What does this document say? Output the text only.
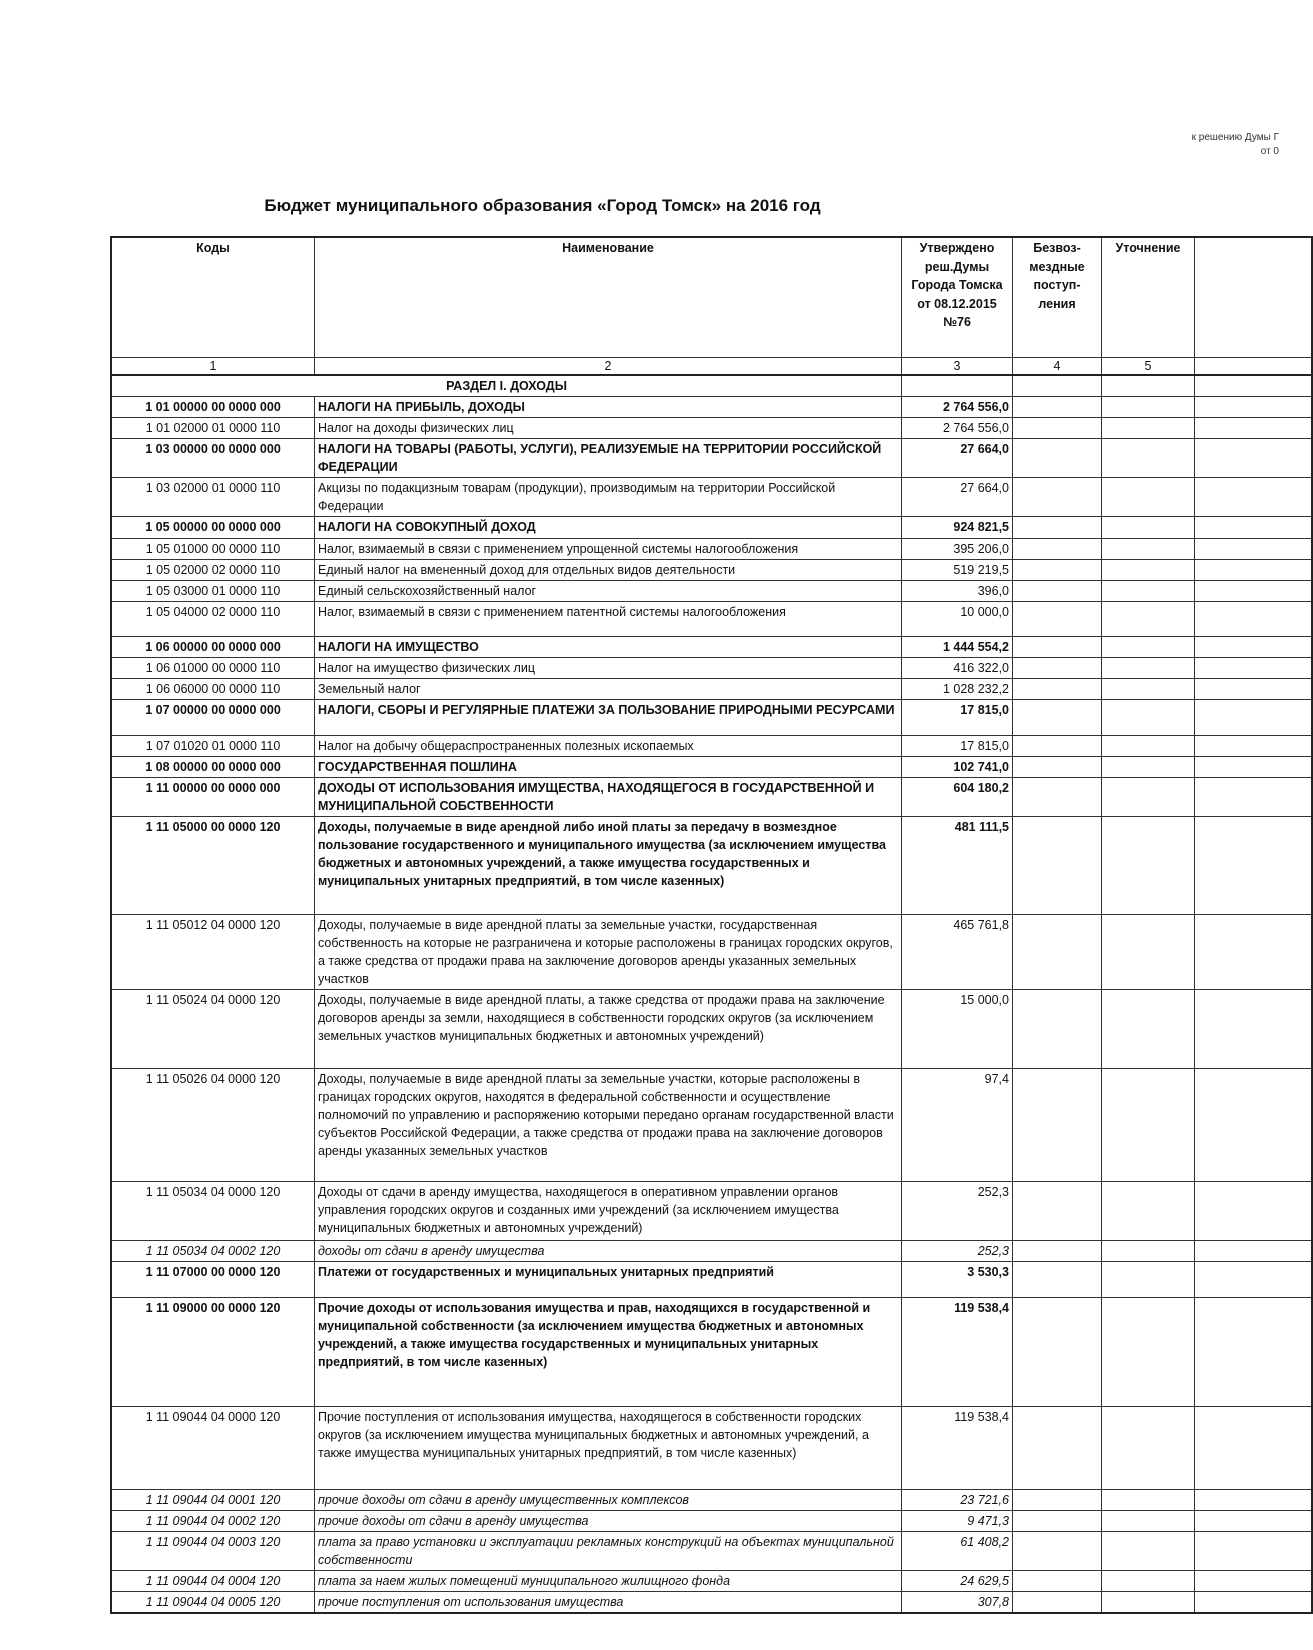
к решению Думы Г
от 0
Бюджет муниципального образования «Город Томск» на 2016 год
Коды	Наименование	Утверждено реш.Думы Города Томска от 08.12.2015 №76	Безвоз-мездные поступ-ления	Уточнение	
1	2	3	4	5	
РАЗДЕЛ I. ДОХОДЫ					
1 01 00000 00 0000 000	НАЛОГИ НА ПРИБЫЛЬ, ДОХОДЫ	2 764 556,0			
1 01 02000 01 0000 110	Налог на доходы физических лиц	2 764 556,0			
1 03 00000 00 0000 000	НАЛОГИ НА ТОВАРЫ (РАБОТЫ, УСЛУГИ), РЕАЛИЗУЕМЫЕ НА ТЕРРИТОРИИ РОССИЙСКОЙ ФЕДЕРАЦИИ	27 664,0			
1 03 02000 01 0000 110	Акцизы по подакцизным товарам (продукции), производимым на территории Российской Федерации	27 664,0			
1 05 00000 00 0000 000	НАЛОГИ НА СОВОКУПНЫЙ ДОХОД	924 821,5			
1 05 01000 00 0000 110	Налог, взимаемый в связи с применением упрощенной системы налогообложения	395 206,0			
1 05 02000 02 0000 110	Единый налог на вмененный доход для отдельных видов деятельности	519 219,5			
1 05 03000 01 0000 110	Единый сельскохозяйственный налог	396,0			
1 05 04000 02 0000 110	Налог, взимаемый в связи с применением патентной системы налогообложения	10 000,0			
1 06 00000 00 0000 000	НАЛОГИ НА ИМУЩЕСТВО	1 444 554,2			
1 06 01000 00 0000 110	Налог на имущество физических лиц	416 322,0			
1 06 06000 00 0000 110	Земельный налог	1 028 232,2			
1 07 00000 00 0000 000	НАЛОГИ, СБОРЫ И РЕГУЛЯРНЫЕ ПЛАТЕЖИ ЗА ПОЛЬЗОВАНИЕ ПРИРОДНЫМИ РЕСУРСАМИ	17 815,0			
1 07 01020 01 0000 110	Налог на добычу общераспространенных полезных ископаемых	17 815,0			
1 08 00000 00 0000 000	ГОСУДАРСТВЕННАЯ ПОШЛИНА	102 741,0			
1 11 00000 00 0000 000	ДОХОДЫ ОТ ИСПОЛЬЗОВАНИЯ ИМУЩЕСТВА, НАХОДЯЩЕГОСЯ В ГОСУДАРСТВЕННОЙ И МУНИЦИПАЛЬНОЙ СОБСТВЕННОСТИ	604 180,2			
1 11 05000 00 0000 120	Доходы, получаемые в виде арендной либо иной платы за передачу в возмездное пользование государственного и муниципального имущества (за исключением имущества бюджетных и автономных учреждений, а также имущества государственных и муниципальных унитарных предприятий, в том числе казенных)	481 111,5			
1 11 05012 04 0000 120	Доходы, получаемые в виде арендной платы за земельные участки, государственная собственность на которые не разграничена и которые расположены в границах городских округов, а также средства от продажи права на заключение договоров аренды указанных земельных участков	465 761,8			
1 11 05024 04 0000 120	Доходы, получаемые в виде арендной платы, а также средства от продажи права на заключение договоров аренды за земли, находящиеся в собственности городских округов (за исключением земельных участков муниципальных бюджетных и автономных учреждений)	15 000,0			
1 11 05026 04 0000 120	Доходы, получаемые в виде арендной платы за земельные участки, которые расположены в границах городских округов, находятся в федеральной собственности и осуществление полномочий по управлению и распоряжению которыми передано органам государственной власти субъектов Российской Федерации, а также средства от продажи права на заключение договоров аренды указанных земельных участков	97,4			
1 11 05034 04 0000 120	Доходы от сдачи в аренду имущества, находящегося в оперативном управлении органов управления городских округов и созданных ими учреждений (за исключением имущества муниципальных бюджетных и автономных учреждений)	252,3			
1 11 05034 04 0002 120	доходы от сдачи в аренду имущества	252,3			
1 11 07000 00 0000 120	Платежи от государственных и муниципальных унитарных предприятий	3 530,3			
1 11 09000 00 0000 120	Прочие доходы от использования имущества и прав, находящихся в государственной и муниципальной собственности (за исключением имущества бюджетных и автономных учреждений, а также имущества государственных и муниципальных унитарных предприятий, в том числе казенных)	119 538,4			
1 11 09044 04 0000 120	Прочие поступления от использования имущества, находящегося в собственности городских округов (за исключением имущества муниципальных бюджетных и автономных учреждений, а также имущества муниципальных унитарных предприятий, в том числе казенных)	119 538,4			
1 11 09044 04 0001 120	прочие доходы от сдачи в аренду имущественных комплексов	23 721,6			
1 11 09044 04 0002 120	прочие доходы от сдачи в аренду имущества	9 471,3			
1 11 09044 04 0003 120	плата за право установки и эксплуатации рекламных конструкций на объектах муниципальной собственности	61 408,2			
1 11 09044 04 0004 120	плата за наем жилых помещений муниципального жилищного фонда	24 629,5			
1 11 09044 04 0005 120	прочие поступления от использования имущества	307,8			
